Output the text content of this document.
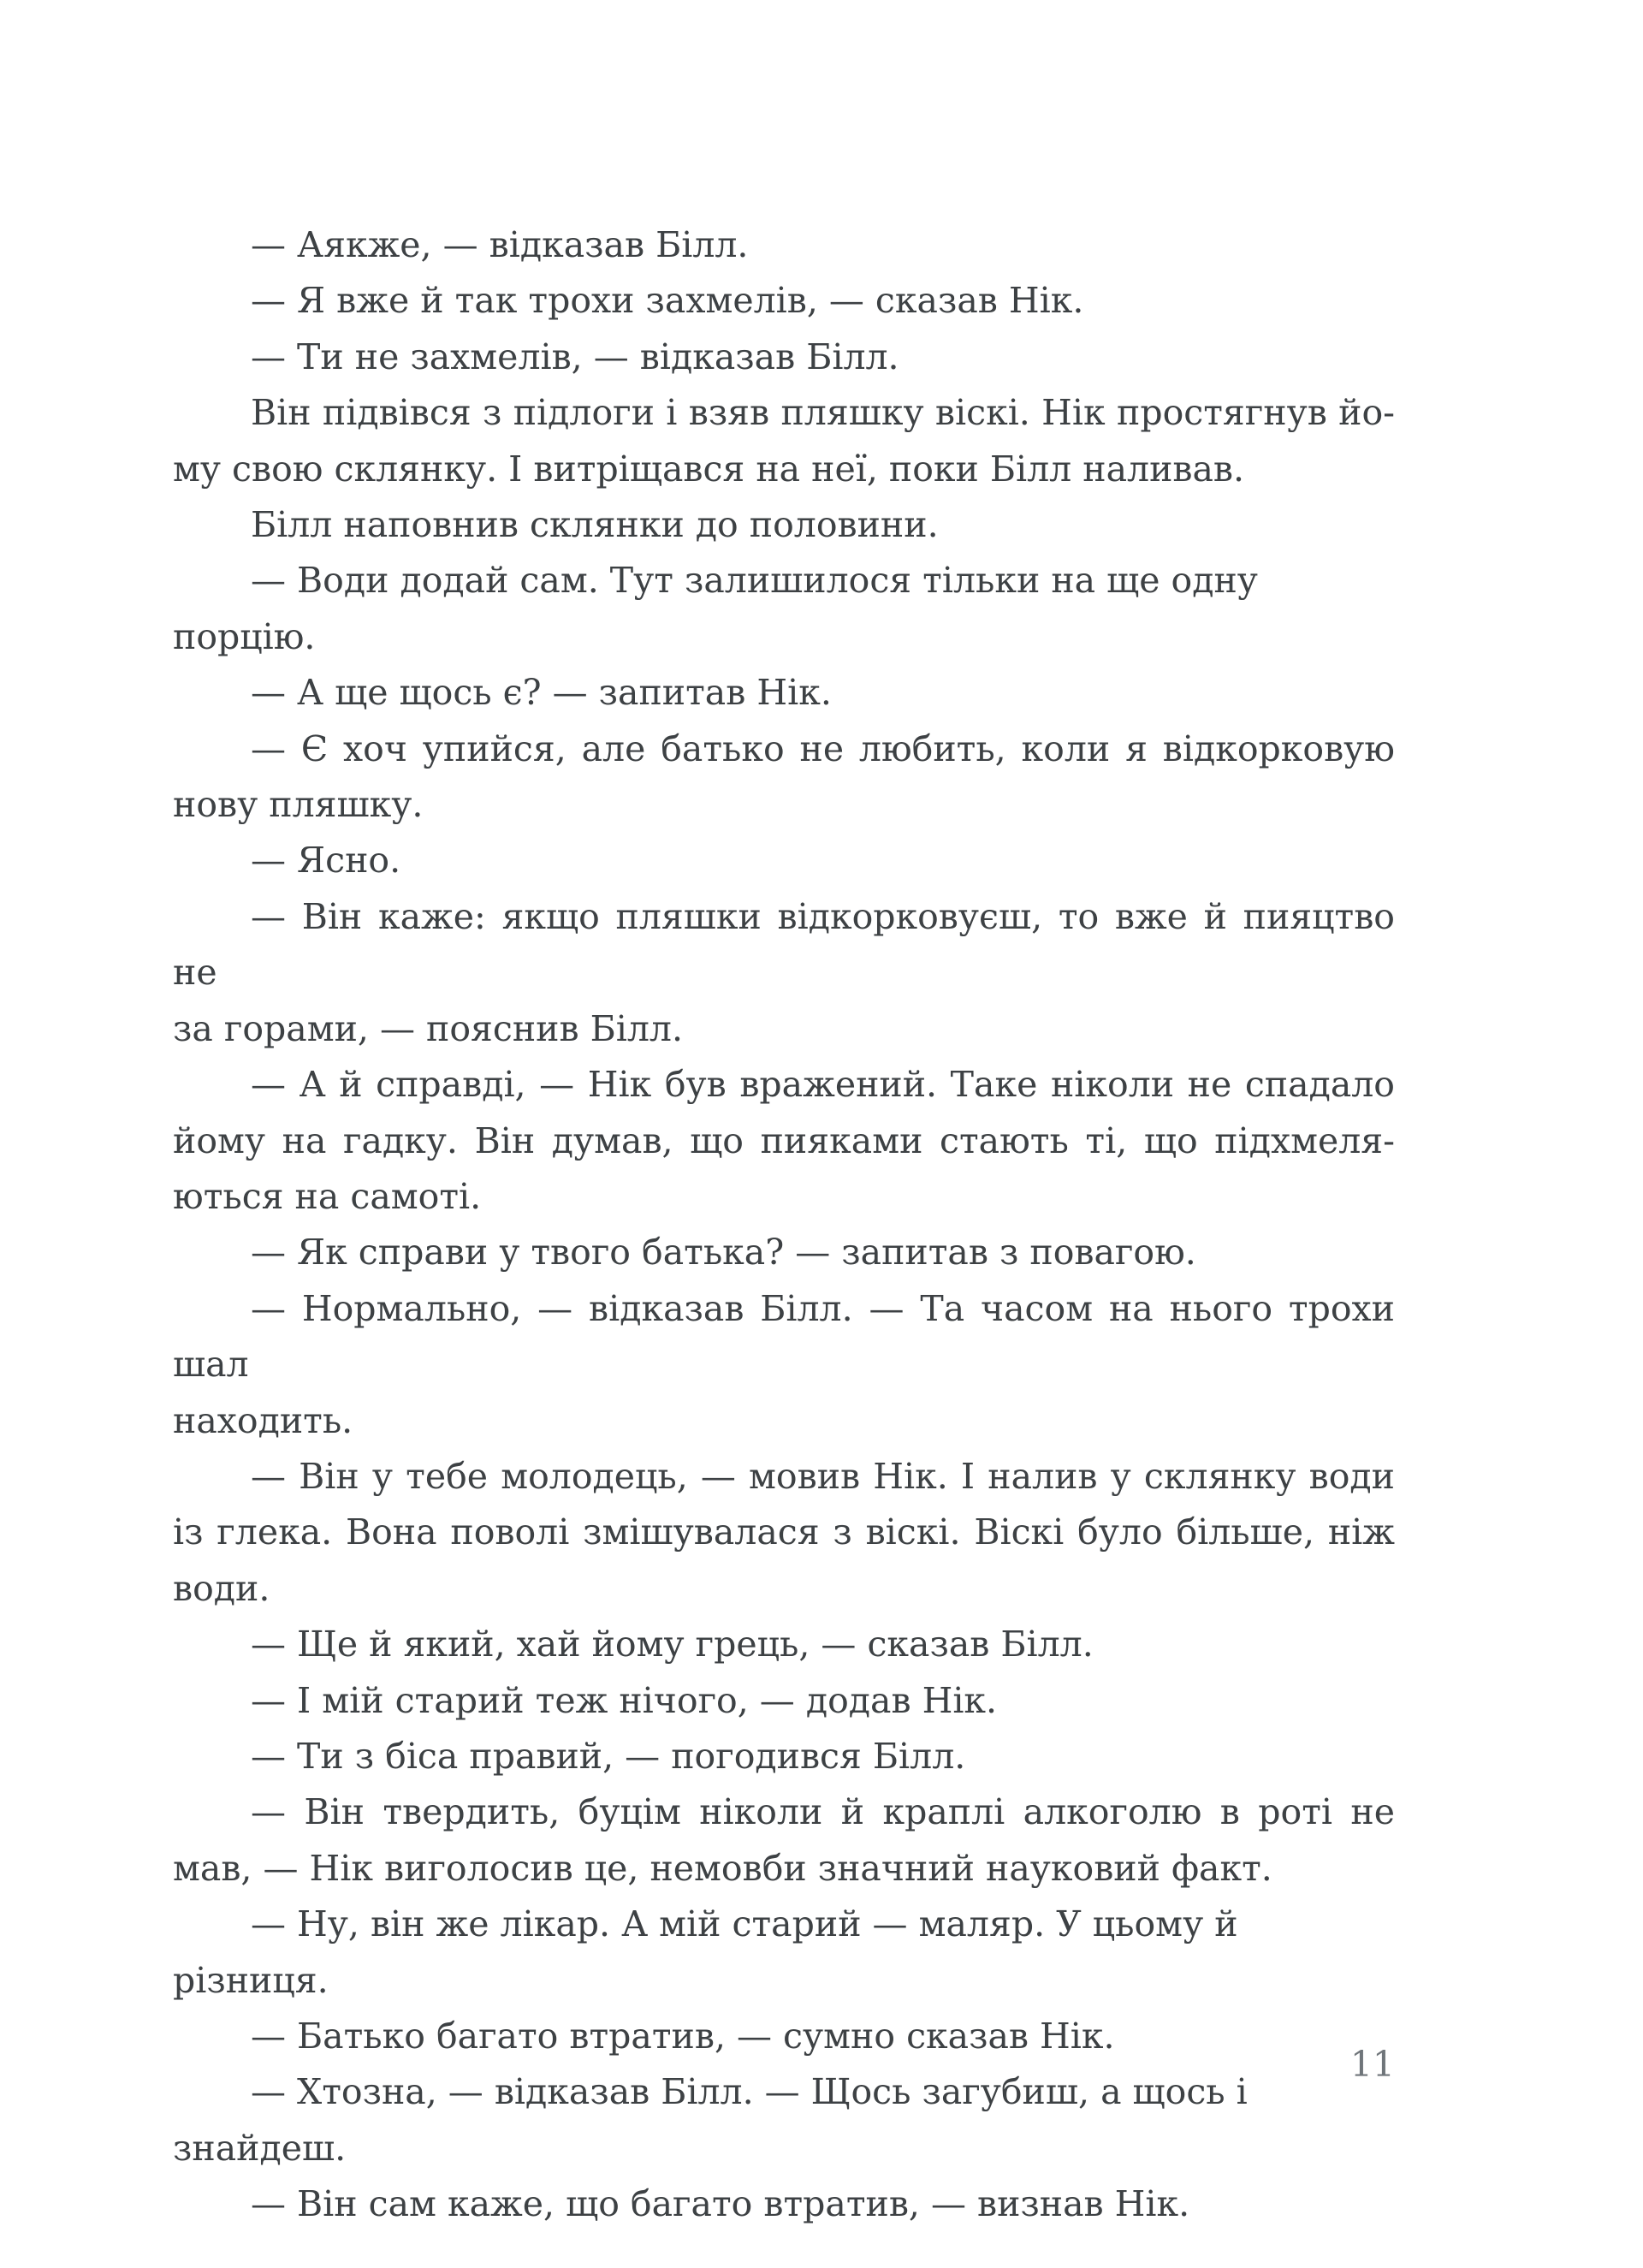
— Аякже, — відказав Білл.
— Я вже й так трохи захмелів, — сказав Нік.
— Ти не захмелів, — відказав Білл.
Він підвівся з підлоги і взяв пляшку віскі. Нік простягнув йо-
му свою склянку. І витріщався на неї, поки Білл наливав.
Білл наповнив склянки до половини.
— Води додай сам. Тут залишилося тільки на ще одну порцію.
— А ще щось є? — запитав Нік.
— Є хоч упийся, але батько не любить, коли я відкорковую
нову пляшку.
— Ясно.
— Він каже: якщо пляшки відкорковуєш, то вже й пияцтво не
за горами, — пояснив Білл.
— А й справді, — Нік був вражений. Таке ніколи не спадало
йому на гадку. Він думав, що пияками стають ті, що підхмеля-
ються на самоті.
— Як справи у твого батька? — запитав з повагою.
— Нормально, — відказав Білл. — Та часом на нього трохи шал
находить.
— Він у тебе молодець, — мовив Нік. І налив у склянку води
із глека. Вона поволі змішувалася з віскі. Віскі було більше, ніж
води.
— Ще й який, хай йому грець, — сказав Білл.
— І мій старий теж нічого, — додав Нік.
— Ти з біса правий, — погодився Білл.
— Він твердить, буцім ніколи й краплі алкоголю в роті не
мав, — Нік виголосив це, немовби значний науковий факт.
— Ну, він же лікар. А мій старий — маляр. У цьому й різниця.
— Батько багато втратив, — сумно сказав Нік.
— Хтозна, — відказав Білл. — Щось загубиш, а щось і знайдеш.
— Він сам каже, що багато втратив, — визнав Нік.
11
